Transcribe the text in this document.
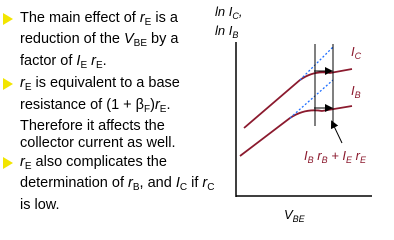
The main effect of $r_E$ is a reduction of the $V_{BE}$ by a factor of $I_E$ $r_E$.
$r_E$ is equivalent to a base resistance of $(1 + \beta_F)r_E$. Therefore it affects the collector current as well.
$r_E$ also complicates the determination of $r_B$, and $I_C$ if $r_C$ is low.
$\ln I_C$,
$\ln I_B$
$V_{BE}$
$I_C$
$I_B$
$I_B$ $r_B + I_E$ $r_E$
